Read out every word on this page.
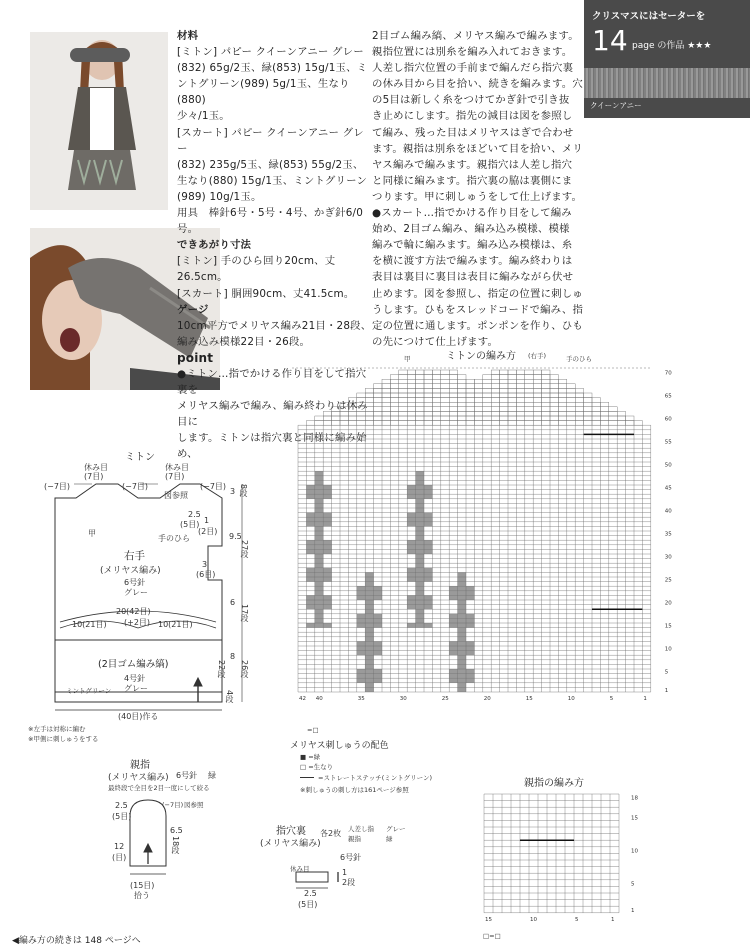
クリスマスにはセーターを
14 page の作品 ★★★
クイーンアニー
材料
[ミトン] パピー クイーンアニー グレー
(832) 65g/2玉、緑(853) 15g/1玉、ミ
ントグリーン(989) 5g/1玉、生なり(880)
少々/1玉。
[スカート] パピー クイーンアニー グレー
(832) 235g/5玉、緑(853) 55g/2玉、
生なり(880) 15g/1玉、ミントグリーン
(989) 10g/1玉。
用具　棒針6号・5号・4号、かぎ針6/0号。
できあがり寸法
[ミトン] 手のひら回り20cm、丈26.5cm。
[スカート] 胴囲90cm、丈41.5cm。
ゲージ
10cm平方でメリヤス編み21目・28段、
編み込み模様22目・26段。
point
●ミトン…指でかける作り目をして指穴裏を
メリヤス編みで編み、編み終わりは休み目に
します。ミトンは指穴裏と同様に編み始め、
2目ゴム編み縞、メリヤス編みで編みます。
親指位置には別糸を編み入れておきます。
人差し指穴位置の手前まで編んだら指穴裏
の休み目から目を拾い、続きを編みます。穴
の5目は新しく糸をつけてかぎ針で引き抜
き止めにします。指先の減目は図を参照し
て編み、残った目はメリヤスはぎで合わせ
ます。親指は別糸をほどいて目を拾い、メリ
ヤス編みで編みます。親指穴は人差し指穴
と同様に編みます。指穴裏の脇は裏側にま
つります。甲に刺しゅうをして仕上げます。
●スカート…指でかける作り目をして編み
始め、2目ゴム編み、編み込み模様、模様
編みで輪に編みます。編み込み模様は、糸
を横に渡す方法で編みます。編み終わりは
表目は裏目に裏目は表目に編みながら伏せ
止めます。図を参照し、指定の位置に刺しゅ
うします。ひもをスレッドコードで編み、指
定の位置に通します。ポンポンを作り、ひも
の先につけて仕上げます。
ミトン
休み目
(7目)
休み目
(7目)
(−7目)	(−7目)	(−7目)
図参照
2.5
(5目) 1
(2目)
甲
手のひら
右手
(メリヤス編み)
6号針
グレー
3
(6目)
3 8段
9.5
27段
6
17段
8
26段
22段
4段
20(42目)
10(21目) (+2目) 10(21目)
(2目ゴム編み縞)
4号針
グレー
ミントグリーン
(40目)作る
※左手は対称に編む
※甲側に刺しゅうをする
親指
(メリヤス編み) 6号針 緑
最終段で全目を2目一度にして絞る
(−7目) 図参照
2.5
(5目)
6.5
18段
12
(目)
(15目)
拾う
指穴裏
(メリヤス編み)
各2枚 人差し指 グレー
親指	緑
6号針
休み目	1
2段
2.5
(5目)
ミトンの編み方 (右手)
甲	手のひら
70
65
60
55
50
45
40
35
30
25
20
15
10
5
1
42 40	35	30	25	20	15	10	5	1
=□
メリヤス刺しゅうの配色
■ =緑
□ =生なり
=ストレートステッチ(ミントグリーン)
※刺しゅうの刺し方は161ページ参照
親指の編み方
18
15
10
5
1
15	10	5	1
□=□
◀編み方の続きは 148 ページへ
